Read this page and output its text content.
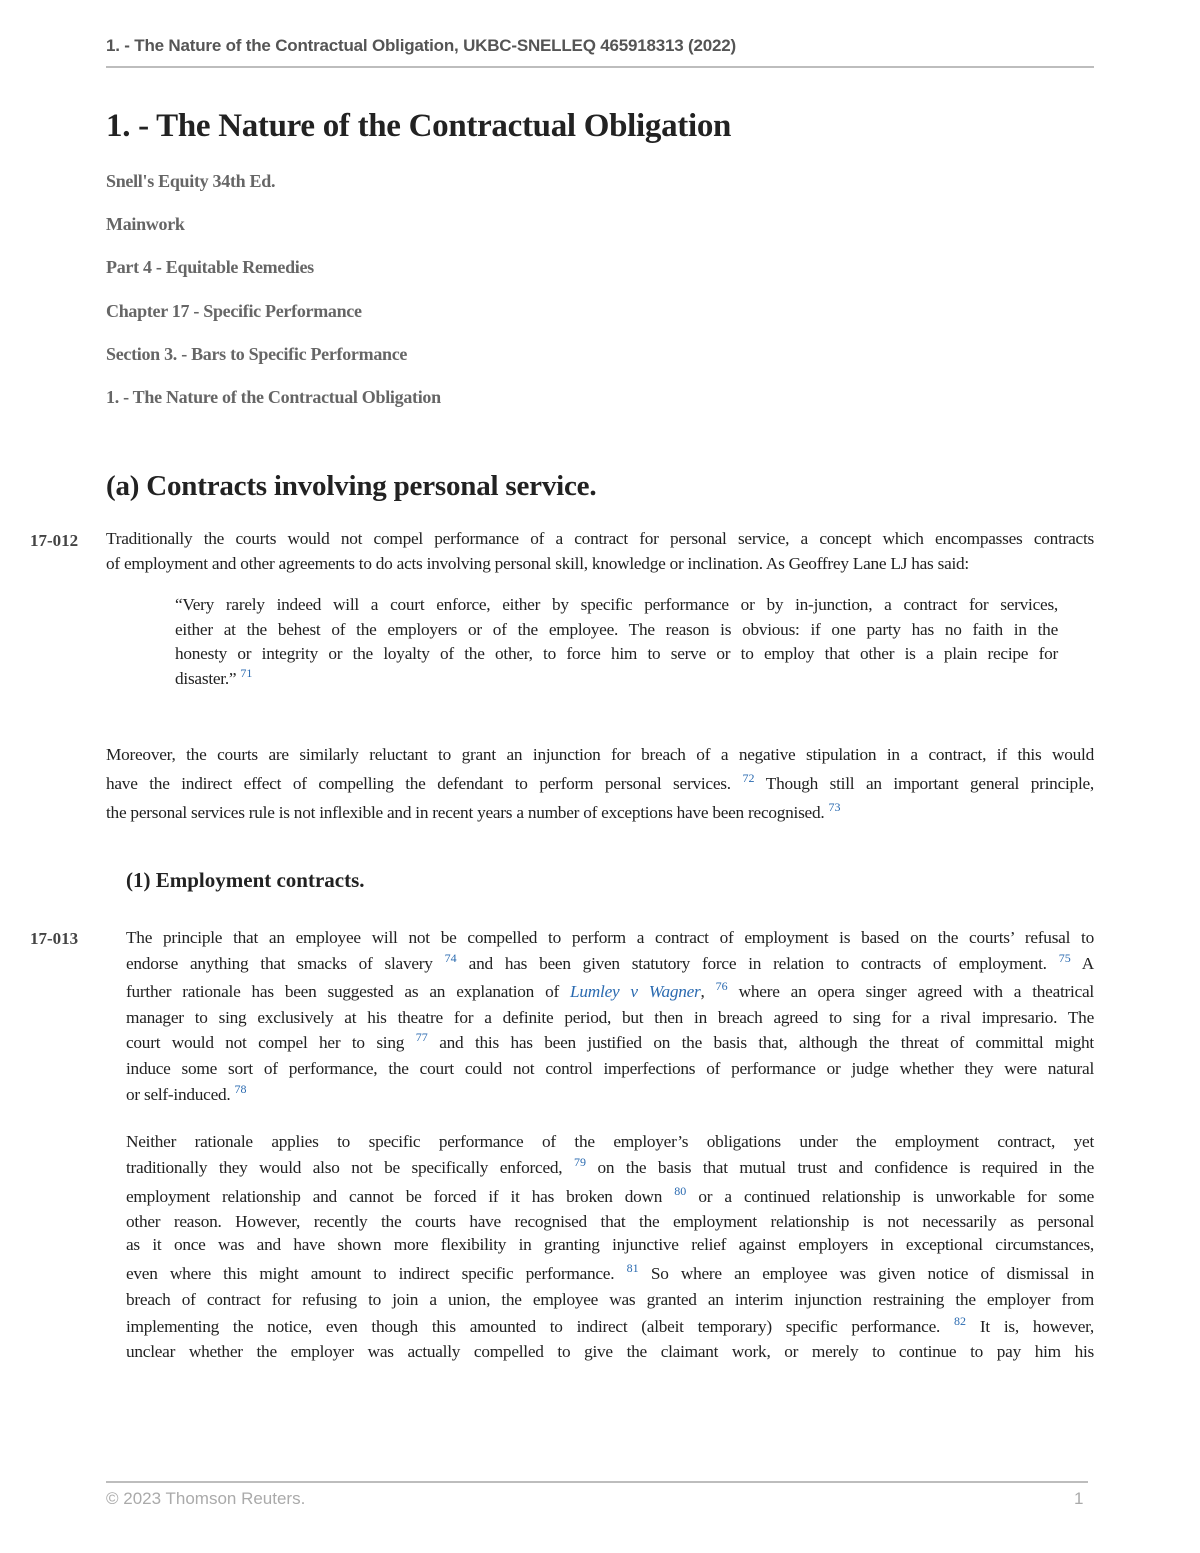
1. - The Nature of the Contractual Obligation, UKBC-SNELLEQ 465918313 (2022)
1. - The Nature of the Contractual Obligation
Snell's Equity 34th Ed.
Mainwork
Part 4 - Equitable Remedies
Chapter 17 - Specific Performance
Section 3. - Bars to Specific Performance
1. - The Nature of the Contractual Obligation
(a) Contracts involving personal service.
17-012 Traditionally the courts would not compel performance of a contract for personal service, a concept which encompasses contracts
of employment and other agreements to do acts involving personal skill, knowledge or inclination. As Geoffrey Lane LJ has said:
“Very rarely indeed will a court enforce, either by specific performance or by in-junction, a contract for services,
either at the behest of the employers or of the employee. The reason is obvious: if one party has no faith in the
honesty or integrity or the loyalty of the other, to force him to serve or to employ that other is a plain recipe for
disaster.” $^{71}$
Moreover, the courts are similarly reluctant to grant an injunction for breach of a negative stipulation in a contract, if this would
have the indirect effect of compelling the defendant to perform personal services. $^{72}$ Though still an important general principle,
the personal services rule is not inflexible and in recent years a number of exceptions have been recognised. $^{73}$
(1) Employment contracts.
17-013	The principle that an employee will not be compelled to perform a contract of employment is based on the courts’ refusal to
endorse anything that smacks of slavery $^{74}$ and has been given statutory force in relation to contracts of employment. $^{75}$ A
further rationale has been suggested as an explanation of Lumley v Wagner, $^{76}$ where an opera singer agreed with a theatrical
manager to sing exclusively at his theatre for a definite period, but then in breach agreed to sing for a rival impresario. The
court would not compel her to sing $^{77}$ and this has been justified on the basis that, although the threat of committal might
induce some sort of performance, the court could not control imperfections of performance or judge whether they were natural
or self-induced. $^{78}$
Neither rationale applies to specific performance of the employer’s obligations under the employment contract, yet
traditionally they would also not be specifically enforced, $^{79}$ on the basis that mutual trust and confidence is required in the
employment relationship and cannot be forced if it has broken down $^{80}$ or a continued relationship is unworkable for some
other reason. However, recently the courts have recognised that the employment relationship is not necessarily as personal
as it once was and have shown more flexibility in granting injunctive relief against employers in exceptional circumstances,
even where this might amount to indirect specific performance. $^{81}$ So where an employee was given notice of dismissal in
breach of contract for refusing to join a union, the employee was granted an interim injunction restraining the employer from
implementing the notice, even though this amounted to indirect (albeit temporary) specific performance. $^{82}$ It is, however,
unclear whether the employer was actually compelled to give the claimant work, or merely to continue to pay him his
© 2023 Thomson Reuters.	1
